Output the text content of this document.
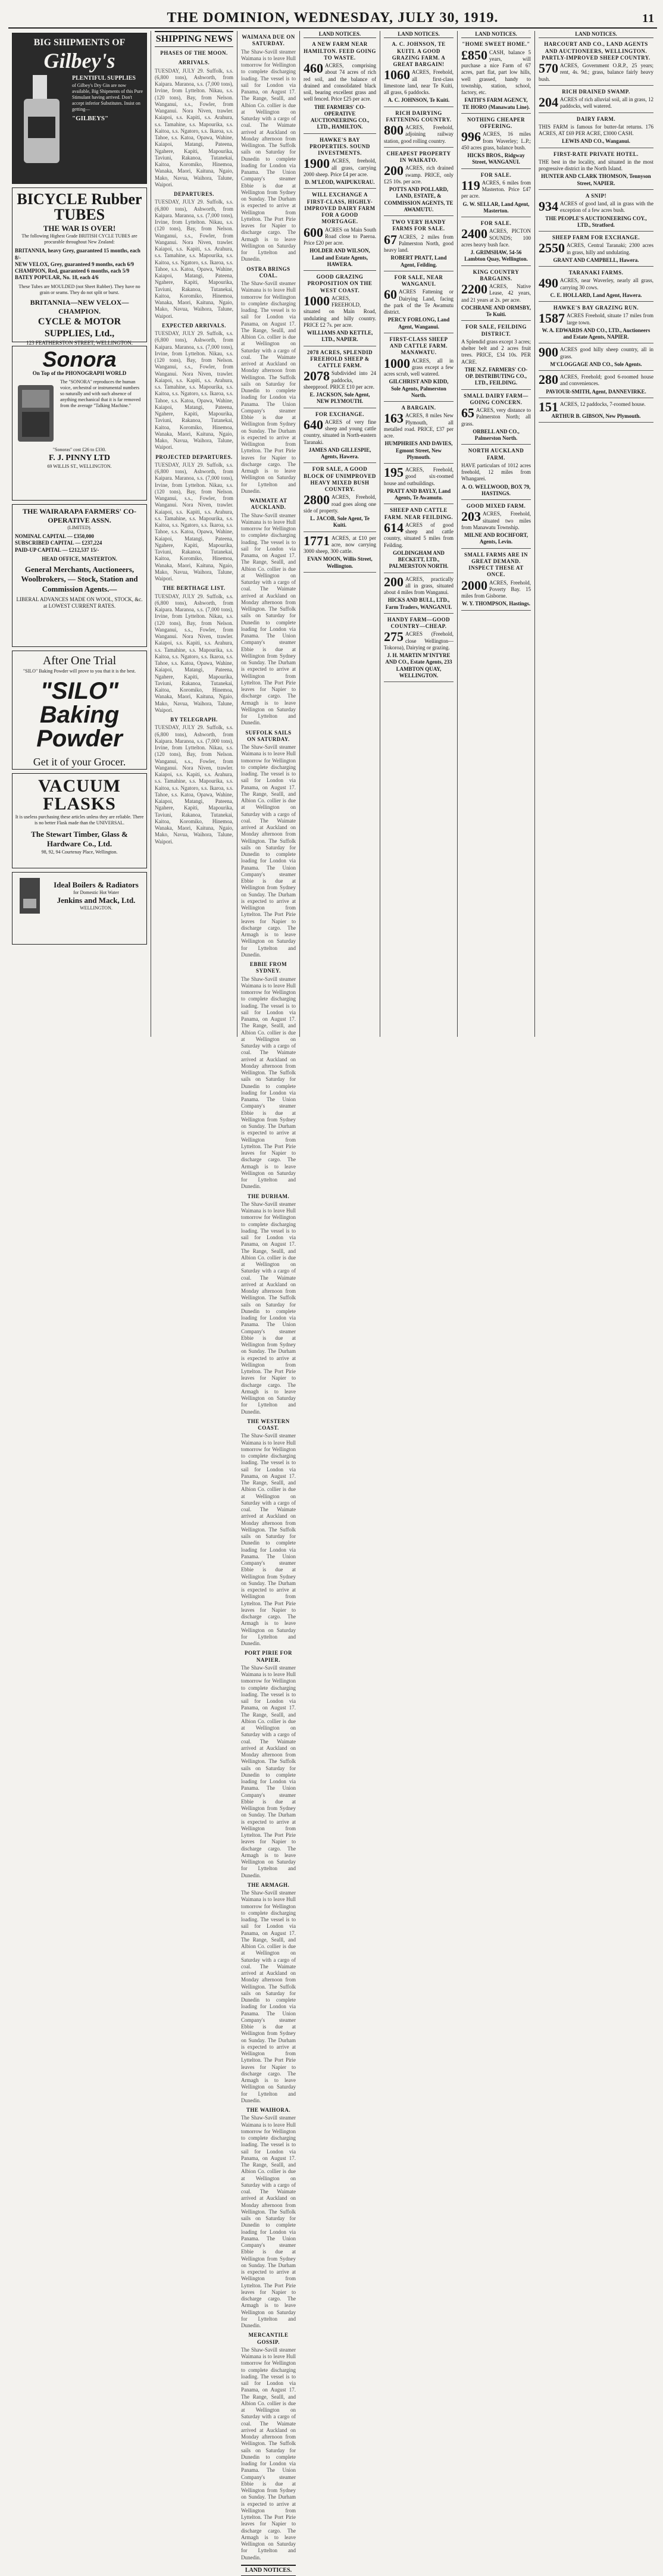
THE DOMINION, WEDNESDAY, JULY 30, 1919.	11
BIG SHIPMENTS OF
Gilbey's
PLENTIFUL SUPPLIES
of Gilbey's Dry Gin are now available, Big Shipments of this Pure Stimulant having arrived. Don't accept inferior Substitutes. Insist on getting—
"GILBEYS"
BICYCLE Rubber TUBES
THE WAR IS OVER!
The following Highest Grade BRITISH CYCLE TUBES are procurable throughout New Zealand:
BRITANNIA, heavy Grey, guaranteed 15 months, each 8/-
NEW VELOX, Grey, guaranteed 9 months, each 6/9
CHAMPION, Red, guaranteed 6 months, each 5/9
BATEY POPULAR, No. 18, each 4/6
These Tubes are MOULDED (not Sheet Rubber). They have no grain or seams. They do not split or burst.
BRITANNIA—NEW VELOX—CHAMPION.
CYCLE & MOTOR SUPPLIES, Ltd.,
123 FEATHERSTON STREET, WELLINGTON.
Sonora
On Top of the PHONOGRAPH WORLD
The "SONORA" reproduces the human voice, orchestral or instrumental numbers so naturally and with such absence of anything mechanical that it is far removed from the average "Talking Machine."
"Sonoras" cost £26 to £330.
F. J. PINNY LTD
69 WILLIS ST., WELLINGTON.
THE WAIRARAPA FARMERS' CO-OPERATIVE ASSN.
(LIMITED).
NOMINAL CAPITAL — £350,000
SUBSCRIBED CAPITAL — £237,224
PAID-UP CAPITAL — £212,537 15/-
HEAD OFFICE, MASTERTON.
General Merchants, Auctioneers, Woolbrokers, — Stock, Station and Commission Agents.—
LIBERAL ADVANCES MADE ON WOOL, STOCK, &c. at LOWEST CURRENT RATES.
After One Trial
"SILO" Baking Powder will prove to you that it is the best.
"SILO" Baking Powder
Get it of your Grocer.
VACUUM FLASKS
It is useless purchasing these articles unless they are reliable. There is no better Flask made than the UNIVERSAL.
The Stewart Timber, Glass & Hardware Co., Ltd.
98, 92, 94 Courtenay Place, Wellington.
Ideal Boilers & Radiators
for Domestic Hot Water
Jenkins and Mack, Ltd.
WELLINGTON.
SHIPPING NEWS
PHASES OF THE MOON.
ARRIVALS.
TUESDAY, JULY 29. Suffolk, s.s. (6,800 tons), Ashworth, from Kaipara. Maranoa, s.s. (7,000 tons), Irvine, from Lyttelton. Nikau, s.s. (120 tons), Bay, from Nelson. Wanganui, s.s., Fowler, from Wanganui. Nora Niven, trawler. Kaiapoi, s.s. Kapiti, s.s. Arahura, s.s. Tamahine, s.s. Mapourika, s.s. Kaitoa, s.s. Ngatoro, s.s. Ikaroa, s.s. Tahoe, s.s. Katoa, Opawa, Wahine, Kaiapoi, Matangi, Pateena, Ngahere, Kapiti, Mapourika, Taviuni, Rakanoa, Tutanekai, Kaitoa, Koromiko, Hinemoa, Wanaka, Maori, Kaituna, Ngaio, Mako, Navua, Waihora, Talune, Waipori.
DEPARTURES.
TUESDAY, JULY 29. Suffolk, s.s. (6,800 tons), Ashworth, from Kaipara. Maranoa, s.s. (7,000 tons), Irvine, from Lyttelton. Nikau, s.s. (120 tons), Bay, from Nelson. Wanganui, s.s., Fowler, from Wanganui. Nora Niven, trawler. Kaiapoi, s.s. Kapiti, s.s. Arahura, s.s. Tamahine, s.s. Mapourika, s.s. Kaitoa, s.s. Ngatoro, s.s. Ikaroa, s.s. Tahoe, s.s. Katoa, Opawa, Wahine, Kaiapoi, Matangi, Pateena, Ngahere, Kapiti, Mapourika, Taviuni, Rakanoa, Tutanekai, Kaitoa, Koromiko, Hinemoa, Wanaka, Maori, Kaituna, Ngaio, Mako, Navua, Waihora, Talune, Waipori.
EXPECTED ARRIVALS.
TUESDAY, JULY 29. Suffolk, s.s. (6,800 tons), Ashworth, from Kaipara. Maranoa, s.s. (7,000 tons), Irvine, from Lyttelton. Nikau, s.s. (120 tons), Bay, from Nelson. Wanganui, s.s., Fowler, from Wanganui. Nora Niven, trawler. Kaiapoi, s.s. Kapiti, s.s. Arahura, s.s. Tamahine, s.s. Mapourika, s.s. Kaitoa, s.s. Ngatoro, s.s. Ikaroa, s.s. Tahoe, s.s. Katoa, Opawa, Wahine, Kaiapoi, Matangi, Pateena, Ngahere, Kapiti, Mapourika, Taviuni, Rakanoa, Tutanekai, Kaitoa, Koromiko, Hinemoa, Wanaka, Maori, Kaituna, Ngaio, Mako, Navua, Waihora, Talune, Waipori.
PROJECTED DEPARTURES.
TUESDAY, JULY 29. Suffolk, s.s. (6,800 tons), Ashworth, from Kaipara. Maranoa, s.s. (7,000 tons), Irvine, from Lyttelton. Nikau, s.s. (120 tons), Bay, from Nelson. Wanganui, s.s., Fowler, from Wanganui. Nora Niven, trawler. Kaiapoi, s.s. Kapiti, s.s. Arahura, s.s. Tamahine, s.s. Mapourika, s.s. Kaitoa, s.s. Ngatoro, s.s. Ikaroa, s.s. Tahoe, s.s. Katoa, Opawa, Wahine, Kaiapoi, Matangi, Pateena, Ngahere, Kapiti, Mapourika, Taviuni, Rakanoa, Tutanekai, Kaitoa, Koromiko, Hinemoa, Wanaka, Maori, Kaituna, Ngaio, Mako, Navua, Waihora, Talune, Waipori.
THE BERTHAGE LIST.
TUESDAY, JULY 29. Suffolk, s.s. (6,800 tons), Ashworth, from Kaipara. Maranoa, s.s. (7,000 tons), Irvine, from Lyttelton. Nikau, s.s. (120 tons), Bay, from Nelson. Wanganui, s.s., Fowler, from Wanganui. Nora Niven, trawler. Kaiapoi, s.s. Kapiti, s.s. Arahura, s.s. Tamahine, s.s. Mapourika, s.s. Kaitoa, s.s. Ngatoro, s.s. Ikaroa, s.s. Tahoe, s.s. Katoa, Opawa, Wahine, Kaiapoi, Matangi, Pateena, Ngahere, Kapiti, Mapourika, Taviuni, Rakanoa, Tutanekai, Kaitoa, Koromiko, Hinemoa, Wanaka, Maori, Kaituna, Ngaio, Mako, Navua, Waihora, Talune, Waipori.
BY TELEGRAPH.
TUESDAY, JULY 29. Suffolk, s.s. (6,800 tons), Ashworth, from Kaipara. Maranoa, s.s. (7,000 tons), Irvine, from Lyttelton. Nikau, s.s. (120 tons), Bay, from Nelson. Wanganui, s.s., Fowler, from Wanganui. Nora Niven, trawler. Kaiapoi, s.s. Kapiti, s.s. Arahura, s.s. Tamahine, s.s. Mapourika, s.s. Kaitoa, s.s. Ngatoro, s.s. Ikaroa, s.s. Tahoe, s.s. Katoa, Opawa, Wahine, Kaiapoi, Matangi, Pateena, Ngahere, Kapiti, Mapourika, Taviuni, Rakanoa, Tutanekai, Kaitoa, Koromiko, Hinemoa, Wanaka, Maori, Kaituna, Ngaio, Mako, Navua, Waihora, Talune, Waipori.
WAIMANA DUE ON SATURDAY.
The Shaw-Savill steamer Waimana is to leave Hull tomorrow for Wellington to complete discharging loading. The vessel is to sail for London via Panama, on August 17. The Range, Sealll, and Albion Co. collier is due at Wellington on Saturday with a cargo of coal. The Waimate arrived at Auckland on Monday afternoon from Wellington. The Suffolk sails on Saturday for Dunedin to complete loading for London via Panama. The Union Company's steamer Ebbie is due at Wellington from Sydney on Sunday. The Durham is expected to arrive at Wellington from Lyttelton. The Port Pirie leaves for Napier to discharge cargo. The Armagh is to leave Wellington on Saturday for Lyttelton and Dunedin.
OSTRA BRINGS COAL.
The Shaw-Savill steamer Waimana is to leave Hull tomorrow for Wellington to complete discharging loading. The vessel is to sail for London via Panama, on August 17. The Range, Sealll, and Albion Co. collier is due at Wellington on Saturday with a cargo of coal. The Waimate arrived at Auckland on Monday afternoon from Wellington. The Suffolk sails on Saturday for Dunedin to complete loading for London via Panama. The Union Company's steamer Ebbie is due at Wellington from Sydney on Sunday. The Durham is expected to arrive at Wellington from Lyttelton. The Port Pirie leaves for Napier to discharge cargo. The Armagh is to leave Wellington on Saturday for Lyttelton and Dunedin.
WAIMATE AT AUCKLAND.
The Shaw-Savill steamer Waimana is to leave Hull tomorrow for Wellington to complete discharging loading. The vessel is to sail for London via Panama, on August 17. The Range, Sealll, and Albion Co. collier is due at Wellington on Saturday with a cargo of coal. The Waimate arrived at Auckland on Monday afternoon from Wellington. The Suffolk sails on Saturday for Dunedin to complete loading for London via Panama. The Union Company's steamer Ebbie is due at Wellington from Sydney on Sunday. The Durham is expected to arrive at Wellington from Lyttelton. The Port Pirie leaves for Napier to discharge cargo. The Armagh is to leave Wellington on Saturday for Lyttelton and Dunedin.
SUFFOLK SAILS ON SATURDAY.
The Shaw-Savill steamer Waimana is to leave Hull tomorrow for Wellington to complete discharging loading. The vessel is to sail for London via Panama, on August 17. The Range, Sealll, and Albion Co. collier is due at Wellington on Saturday with a cargo of coal. The Waimate arrived at Auckland on Monday afternoon from Wellington. The Suffolk sails on Saturday for Dunedin to complete loading for London via Panama. The Union Company's steamer Ebbie is due at Wellington from Sydney on Sunday. The Durham is expected to arrive at Wellington from Lyttelton. The Port Pirie leaves for Napier to discharge cargo. The Armagh is to leave Wellington on Saturday for Lyttelton and Dunedin.
EBBIE FROM SYDNEY.
The Shaw-Savill steamer Waimana is to leave Hull tomorrow for Wellington to complete discharging loading. The vessel is to sail for London via Panama, on August 17. The Range, Sealll, and Albion Co. collier is due at Wellington on Saturday with a cargo of coal. The Waimate arrived at Auckland on Monday afternoon from Wellington. The Suffolk sails on Saturday for Dunedin to complete loading for London via Panama. The Union Company's steamer Ebbie is due at Wellington from Sydney on Sunday. The Durham is expected to arrive at Wellington from Lyttelton. The Port Pirie leaves for Napier to discharge cargo. The Armagh is to leave Wellington on Saturday for Lyttelton and Dunedin.
THE DURHAM.
The Shaw-Savill steamer Waimana is to leave Hull tomorrow for Wellington to complete discharging loading. The vessel is to sail for London via Panama, on August 17. The Range, Sealll, and Albion Co. collier is due at Wellington on Saturday with a cargo of coal. The Waimate arrived at Auckland on Monday afternoon from Wellington. The Suffolk sails on Saturday for Dunedin to complete loading for London via Panama. The Union Company's steamer Ebbie is due at Wellington from Sydney on Sunday. The Durham is expected to arrive at Wellington from Lyttelton. The Port Pirie leaves for Napier to discharge cargo. The Armagh is to leave Wellington on Saturday for Lyttelton and Dunedin.
THE WESTERN COAST.
The Shaw-Savill steamer Waimana is to leave Hull tomorrow for Wellington to complete discharging loading. The vessel is to sail for London via Panama, on August 17. The Range, Sealll, and Albion Co. collier is due at Wellington on Saturday with a cargo of coal. The Waimate arrived at Auckland on Monday afternoon from Wellington. The Suffolk sails on Saturday for Dunedin to complete loading for London via Panama. The Union Company's steamer Ebbie is due at Wellington from Sydney on Sunday. The Durham is expected to arrive at Wellington from Lyttelton. The Port Pirie leaves for Napier to discharge cargo. The Armagh is to leave Wellington on Saturday for Lyttelton and Dunedin.
PORT PIRIE FOR NAPIER.
The Shaw-Savill steamer Waimana is to leave Hull tomorrow for Wellington to complete discharging loading. The vessel is to sail for London via Panama, on August 17. The Range, Sealll, and Albion Co. collier is due at Wellington on Saturday with a cargo of coal. The Waimate arrived at Auckland on Monday afternoon from Wellington. The Suffolk sails on Saturday for Dunedin to complete loading for London via Panama. The Union Company's steamer Ebbie is due at Wellington from Sydney on Sunday. The Durham is expected to arrive at Wellington from Lyttelton. The Port Pirie leaves for Napier to discharge cargo. The Armagh is to leave Wellington on Saturday for Lyttelton and Dunedin.
THE ARMAGH.
The Shaw-Savill steamer Waimana is to leave Hull tomorrow for Wellington to complete discharging loading. The vessel is to sail for London via Panama, on August 17. The Range, Sealll, and Albion Co. collier is due at Wellington on Saturday with a cargo of coal. The Waimate arrived at Auckland on Monday afternoon from Wellington. The Suffolk sails on Saturday for Dunedin to complete loading for London via Panama. The Union Company's steamer Ebbie is due at Wellington from Sydney on Sunday. The Durham is expected to arrive at Wellington from Lyttelton. The Port Pirie leaves for Napier to discharge cargo. The Armagh is to leave Wellington on Saturday for Lyttelton and Dunedin.
THE WAIHORA.
The Shaw-Savill steamer Waimana is to leave Hull tomorrow for Wellington to complete discharging loading. The vessel is to sail for London via Panama, on August 17. The Range, Sealll, and Albion Co. collier is due at Wellington on Saturday with a cargo of coal. The Waimate arrived at Auckland on Monday afternoon from Wellington. The Suffolk sails on Saturday for Dunedin to complete loading for London via Panama. The Union Company's steamer Ebbie is due at Wellington from Sydney on Sunday. The Durham is expected to arrive at Wellington from Lyttelton. The Port Pirie leaves for Napier to discharge cargo. The Armagh is to leave Wellington on Saturday for Lyttelton and Dunedin.
MERCANTILE GOSSIP.
The Shaw-Savill steamer Waimana is to leave Hull tomorrow for Wellington to complete discharging loading. The vessel is to sail for London via Panama, on August 17. The Range, Sealll, and Albion Co. collier is due at Wellington on Saturday with a cargo of coal. The Waimate arrived at Auckland on Monday afternoon from Wellington. The Suffolk sails on Saturday for Dunedin to complete loading for London via Panama. The Union Company's steamer Ebbie is due at Wellington from Sydney on Sunday. The Durham is expected to arrive at Wellington from Lyttelton. The Port Pirie leaves for Napier to discharge cargo. The Armagh is to leave Wellington on Saturday for Lyttelton and Dunedin.
LAND NOTICES.
LAND NOTICES.
A NEW FARM NEAR HAMILTON. FEED GOING TO WASTE.
460 ACRES, comprising about 74 acres of rich red soil, and the balance of drained and consolidated black soil, bearing excellent grass and well fenced. Price £25 per acre.
THE FARMERS' CO-OPERATIVE AUCTIONEERING CO., LTD., HAMILTON.
HAWKE'S BAY PROPERTIES. SOUND INVESTMENTS.
1900 ACRES, freehold, all grass, carrying 2000 sheep. Price £4 per acre.
D. M'LEOD, WAIPUKURAU.
WILL EXCHANGE A FIRST-CLASS, HIGHLY-IMPROVED DAIRY FARM FOR A GOOD MORTGAGE.
600 ACRES on Main South Road close to Paeroa. Price £20 per acre.
HOLDER AND WILSON, Land and Estate Agents, HAWERA.
GOOD GRAZING PROPOSITION ON THE WEST COAST.
1000 ACRES, FREEHOLD, situated on Main Road, undulating and hilly country. PRICE £2 7s. per acre.
WILLIAMS AND KETTLE, LTD., NAPIER.
2078 ACRES, SPLENDID FREEHOLD SHEEP & CATTLE FARM.
2078 Subdivided into 24 paddocks, sheepproof. PRICE £10 per acre.
E. JACKSON, Sole Agent, NEW PLYMOUTH.
FOR EXCHANGE.
640 ACRES of very fine sheep and young cattle country, situated in North-eastern Taranaki.
JAMES AND GILLESPIE, Agents, Hawera.
FOR SALE, A GOOD BLOCK OF UNIMPROVED HEAVY MIXED BUSH COUNTRY.
2800 ACRES, Freehold, road goes along one side of property.
L. JACOB, Sole Agent, Te Kuiti.
1771 ACRES, at £10 per acre, now carrying 3000 sheep, 300 cattle.
EVAN MOON, Willis Street, Wellington.
LAND NOTICES.
A. C. JOHNSON, TE KUITI. A GOOD GRAZING FARM. A GREAT BARGAIN!
1060 ACRES, Freehold, all first-class limestone land, near Te Kuiti, all grass, 6 paddocks.
A. C. JOHNSON, Te Kuiti.
RICH DAIRYING FATTENING COUNTRY.
800 ACRES, Freehold, adjoining railway station, good rolling country.
CHEAPEST PROPERTY IN WAIKATO.
200 ACRES, rich drained swamp. PRICE, only £25 10s. per acre.
POTTS AND POLLARD, LAND, ESTATE, & COMMISSION AGENTS, TE AWAMUTU.
TWO VERY HANDY FARMS FOR SALE.
67 ACRES, 2 miles from Palmerston North, good heavy land.
ROBERT PRATT, Land Agent, Feilding.
FOR SALE, NEAR WANGANUI.
60 ACRES Fattening or Dairying Land, facing the park of the Te Awamutu district.
PERCY FORLONG, Land Agent, Wanganui.
FIRST-CLASS SHEEP AND CATTLE FARM. MANAWATU.
1000 ACRES, all in grass except a few acres scrub, well watered.
GILCHRIST AND KIDD, Sole Agents, Palmerston North.
A BARGAIN.
163 ACRES, 8 miles New Plymouth, all metalled road. PRICE, £37 per acre.
HUMPHRIES AND DAVIES, Egmont Street, New Plymouth.
195 ACRES, Freehold, good six-roomed house and outbuildings.
PRATT AND BAYLY, Land Agents, Te Awamutu.
SHEEP AND CATTLE FARM. NEAR FEILDING.
614 ACRES of good sheep and cattle country, situated 5 miles from Feilding.
GOLDINGHAM AND BECKETT, LTD., PALMERSTON NORTH.
200 ACRES, practically all in grass, situated about 4 miles from Wanganui.
HICKS AND BULL, LTD., Farm Traders, WANGANUI.
HANDY FARM—GOOD COUNTRY—CHEAP.
275 ACRES (Freehold, close Wellington—Tokoroa), Dairying or grazing.
J. H. MARTIN M'INTYRE AND CO., Estate Agents, 233 LAMBTON QUAY, WELLINGTON.
LAND NOTICES.
"HOME SWEET HOME."
£850 CASH, balance 5 years, will purchase a nice Farm of 67 acres, part flat, part low hills, well grassed, handy to township, station, school, factory, etc.
FAITH'S FARM AGENCY, TE HORO (Manawatu Line).
NOTHING CHEAPER OFFERING.
996 ACRES, 16 miles from Waverley; L.P.; 450 acres grass, balance bush.
HICKS BROS., Ridgway Street, WANGANUI.
FOR SALE.
119 ACRES, 6 miles from Masterton. Price £47 per acre.
G. W. SELLAR, Land Agent, Masterton.
FOR SALE.
2400 ACRES, PICTON SOUNDS; 100 acres heavy bush face.
J. GRIMSHAW, 54-56 Lambton Quay, Wellington.
KING COUNTRY BARGAINS.
2200 ACRES, Native Lease, 42 years, and 21 years at 2s. per acre.
COCHRANE AND ORMSBY, Te Kuiti.
FOR SALE, FEILDING DISTRICT.
A Splendid grass except 3 acres; shelter belt and 2 acres fruit trees. PRICE, £34 10s. PER ACRE.
THE N.Z. FARMERS' CO-OP. DISTRIBUTING CO., LTD., FEILDING.
SMALL DAIRY FARM—GOING CONCERN.
65 ACRES, very distance to Palmerston North; all grass.
ORBELL AND CO., Palmerston North.
NORTH AUCKLAND FARM.
HAVE particulars of 1012 acres freehold, 12 miles from Whangarei.
A. O. WELLWOOD, BOX 79, HASTINGS.
GOOD MIXED FARM.
203 ACRES, Freehold, situated two miles from Manawatu Township.
MILNE AND ROCHFORT, Agents, Levin.
SMALL FARMS ARE IN GREAT DEMAND. INSPECT THESE AT ONCE.
2000 ACRES, Freehold, Poverty Bay. 15 miles from Gisborne.
W. Y. THOMPSON, Hastings.
LAND NOTICES.
HARCOURT AND CO., LAND AGENTS AND AUCTIONEERS, WELLINGTON. PARTLY-IMPROVED SHEEP COUNTRY.
570 ACRES, Government O.R.P., 25 years; rent, 4s. 9d.; grass, balance fairly heavy bush.
RICH DRAINED SWAMP.
204 ACRES of rich alluvial soil, all in grass, 12 paddocks, well watered.
DAIRY FARM.
THIS FARM is famous for butter-fat returns. 176 ACRES, AT £69 PER ACRE, £3000 CASH.
LEWIS AND CO., Wanganui.
FIRST-RATE PRIVATE HOTEL.
THE best in the locality, and situated in the most progressive district in the North Island.
HUNTER AND CLARK THOMSON, Tennyson Street, NAPIER.
A SNIP!
934 ACRES of good land, all in grass with the exception of a few acres bush.
THE PEOPLE'S AUCTIONEERING COY., LTD., Stratford.
SHEEP FARM FOR EXCHANGE.
2550 ACRES, Central Taranaki; 2300 acres in grass, hilly and undulating.
GRANT AND CAMPBELL, Hawera.
TARANAKI FARMS.
490 ACRES, near Waverley, nearly all grass, carrying 30 cows.
C. E. HOLLARD, Land Agent, Hawera.
HAWKE'S BAY GRAZING RUN.
1587 ACRES Freehold, situate 17 miles from large town.
W. A. EDWARDS AND CO., LTD., Auctioneers and Estate Agents, NAPIER.
900 ACRES good hilly sheep country, all in grass.
M'CLOGGAGE AND CO., Sole Agents.
280 ACRES, Freehold; good 6-roomed house and conveniences.
PAVIOUR-SMITH, Agent, DANNEVIRKE.
151 ACRES, 12 paddocks, 7-roomed house.
ARTHUR B. GIBSON, New Plymouth.
